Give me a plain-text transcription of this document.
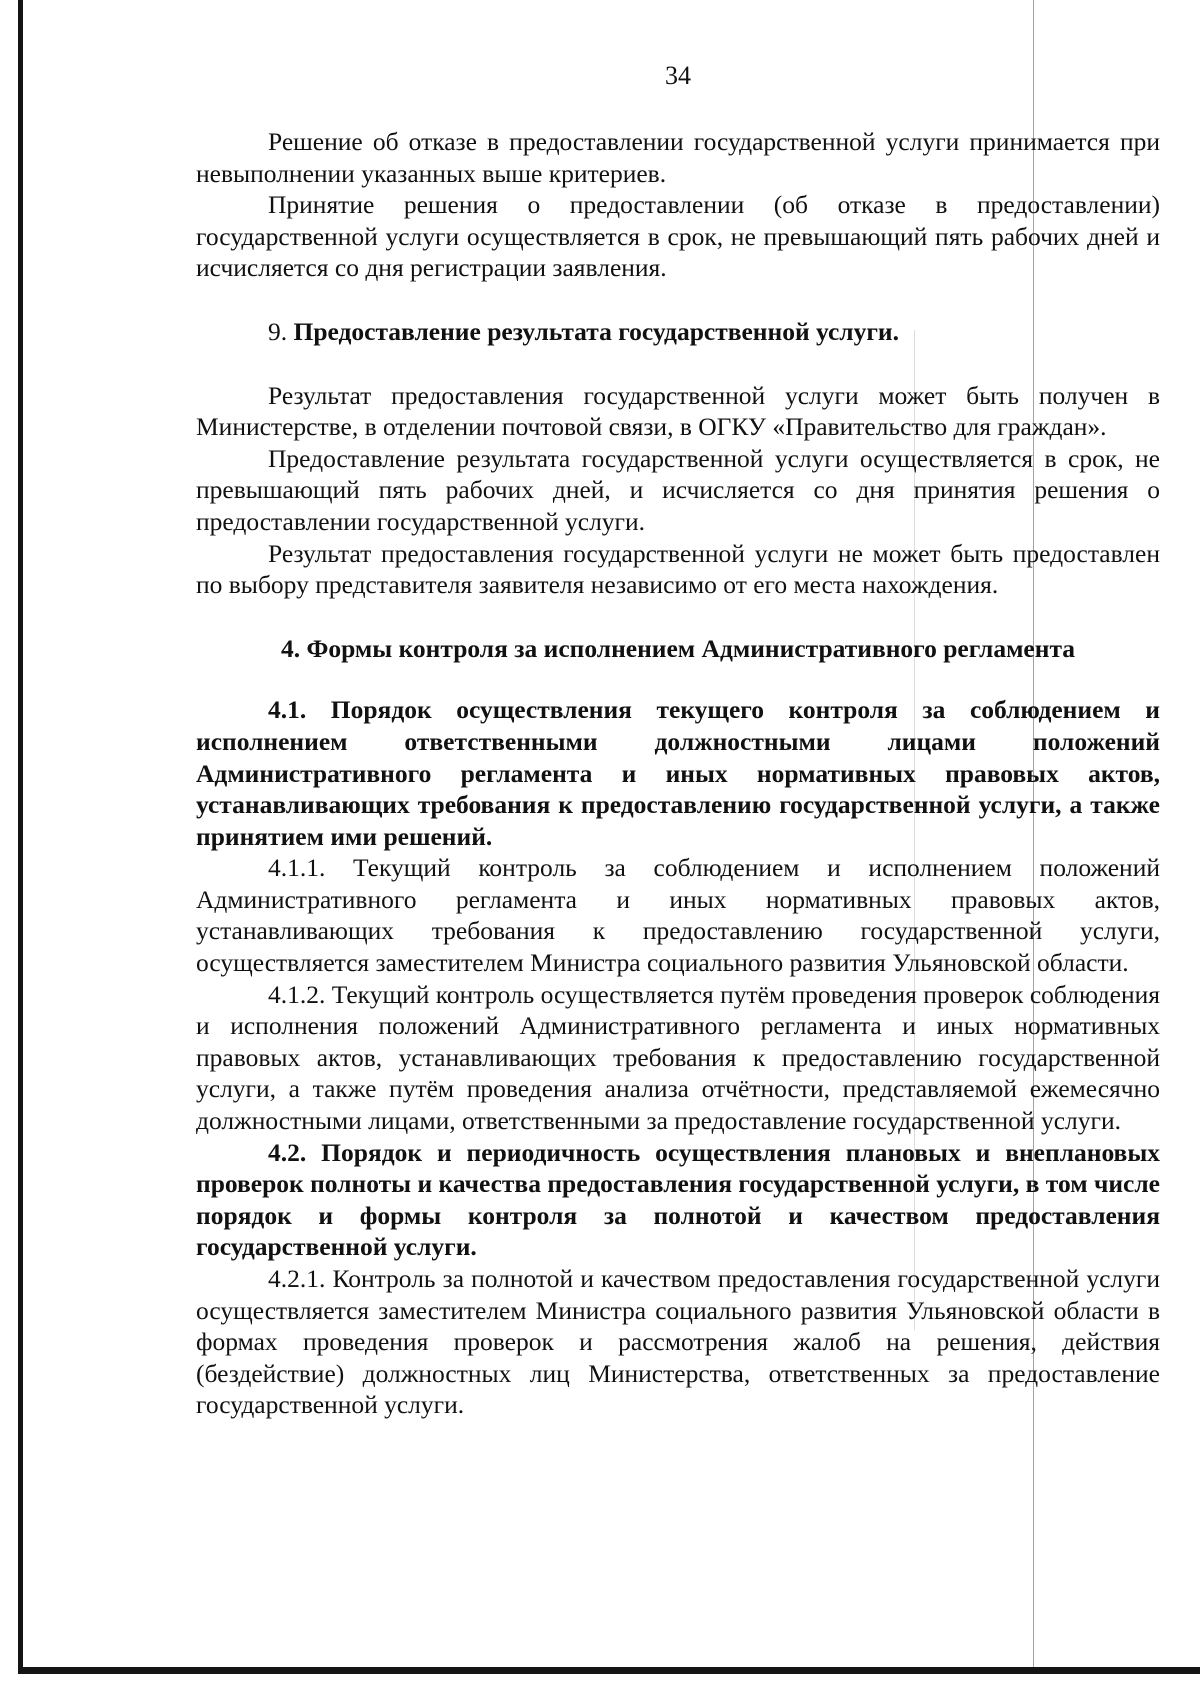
34

Решение об отказе в предоставлении государственной услуги принимается при невыполнении указанных выше критериев.

Принятие решения о предоставлении (об отказе в предоставлении) государственной услуги осуществляется в срок, не превышающий пять рабочих дней и исчисляется со дня регистрации заявления.

9. Предоставление результата государственной услуги.

Результат предоставления государственной услуги может быть получен в Министерстве, в отделении почтовой связи, в ОГКУ «Правительство для граждан».

Предоставление результата государственной услуги осуществляется в срок, не превышающий пять рабочих дней, и исчисляется со дня принятия решения о предоставлении государственной услуги.

Результат предоставления государственной услуги не может быть предоставлен по выбору представителя заявителя независимо от его места нахождения.

4. Формы контроля за исполнением Административного регламента

4.1. Порядок осуществления текущего контроля за соблюдением и исполнением ответственными должностными лицами положений Административного регламента и иных нормативных правовых актов, устанавливающих требования к предоставлению государственной услуги, а также принятием ими решений.

4.1.1. Текущий контроль за соблюдением и исполнением положений Административного регламента и иных нормативных правовых актов, устанавливающих требования к предоставлению государственной услуги, осуществляется заместителем Министра социального развития Ульяновской области.

4.1.2. Текущий контроль осуществляется путём проведения проверок соблюдения и исполнения положений Административного регламента и иных нормативных правовых актов, устанавливающих требования к предоставлению государственной услуги, а также путём проведения анализа отчётности, представляемой ежемесячно должностными лицами, ответственными за предоставление государственной услуги.

4.2. Порядок и периодичность осуществления плановых и внеплановых проверок полноты и качества предоставления государственной услуги, в том числе порядок и формы контроля за полнотой и качеством предоставления государственной услуги.

4.2.1. Контроль за полнотой и качеством предоставления государственной услуги осуществляется заместителем Министра социального развития Ульяновской области в формах проведения проверок и рассмотрения жалоб на решения, действия (бездействие) должностных лиц Министерства, ответственных за предоставление государственной услуги.
